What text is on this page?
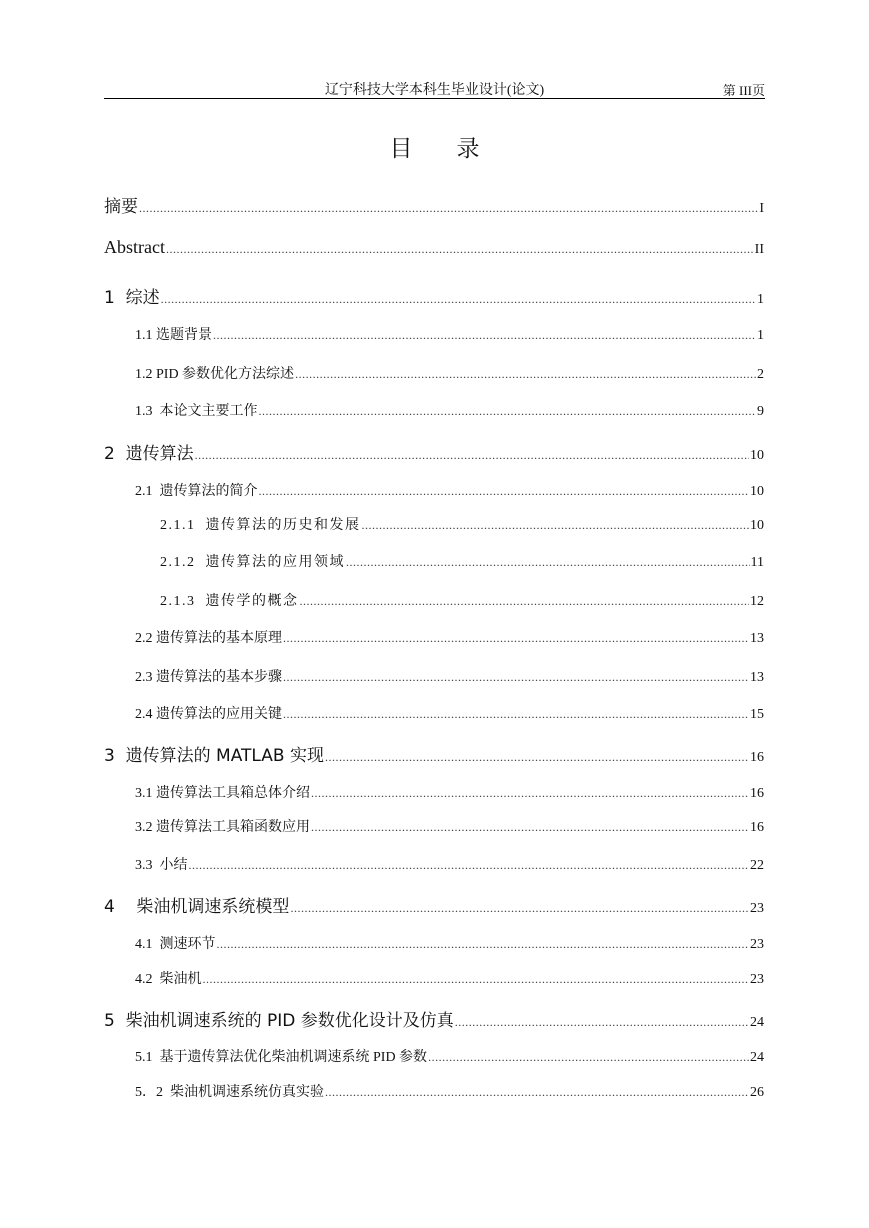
辽宁科技大学本科生毕业设计(论文)	第 III页
目录
摘要 .....	I
Abstract .....	II
1  综述 .....	1
1.1 选题背景 .....	1
1.2 PID 参数优化方法综述 .....	2
1.3  本论文主要工作 .....	9
2  遗传算法 .....	10
2.1  遗传算法的简介 .....	10
2.1.1  遗传算法的历史和发展 .....	10
2.1.2  遗传算法的应用领域 .....	11
2.1.3  遗传学的概念 .....	12
2.2 遗传算法的基本原理 .....	13
2.3 遗传算法的基本步骤 .....	13
2.4 遗传算法的应用关键 .....	15
3  遗传算法的 MATLAB 实现 .....	16
3.1 遗传算法工具箱总体介绍 .....	16
3.2 遗传算法工具箱函数应用 .....	16
3.3  小结 .....	22
4    柴油机调速系统模型 .....	23
4.1  测速环节 .....	23
4.2  柴油机 .....	23
5  柴油机调速系统的 PID 参数优化设计及仿真 .....	24
5.1  基于遗传算法优化柴油机调速系统 PID 参数 .....	24
5．2  柴油机调速系统仿真实验 .....	26
